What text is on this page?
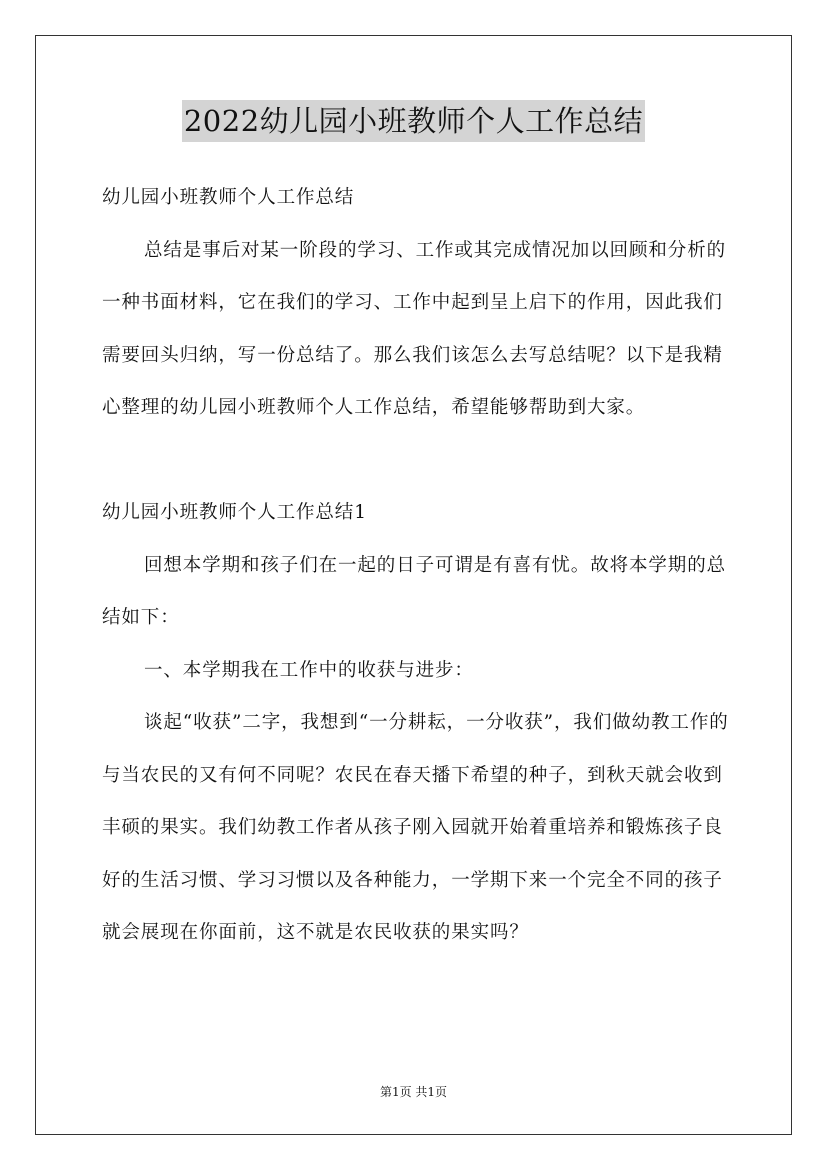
2022幼儿园小班教师个人工作总结

幼儿园小班教师个人工作总结

总结是事后对某一阶段的学习、工作或其完成情况加以回顾和分析的一种书面材料，它在我们的学习、工作中起到呈上启下的作用，因此我们需要回头归纳，写一份总结了。那么我们该怎么去写总结呢？以下是我精心整理的幼儿园小班教师个人工作总结，希望能够帮助到大家。

幼儿园小班教师个人工作总结1

回想本学期和孩子们在一起的日子可谓是有喜有忧。故将本学期的总结如下：

一、本学期我在工作中的收获与进步：

谈起“收获”二字，我想到“一分耕耘，一分收获”，我们做幼教工作的与当农民的又有何不同呢？农民在春天播下希望的种子，到秋天就会收到丰硕的果实。我们幼教工作者从孩子刚入园就开始着重培养和锻炼孩子良好的生活习惯、学习习惯以及各种能力，一学期下来一个完全不同的孩子就会展现在你面前，这不就是农民收获的果实吗？

第1页 共1页
